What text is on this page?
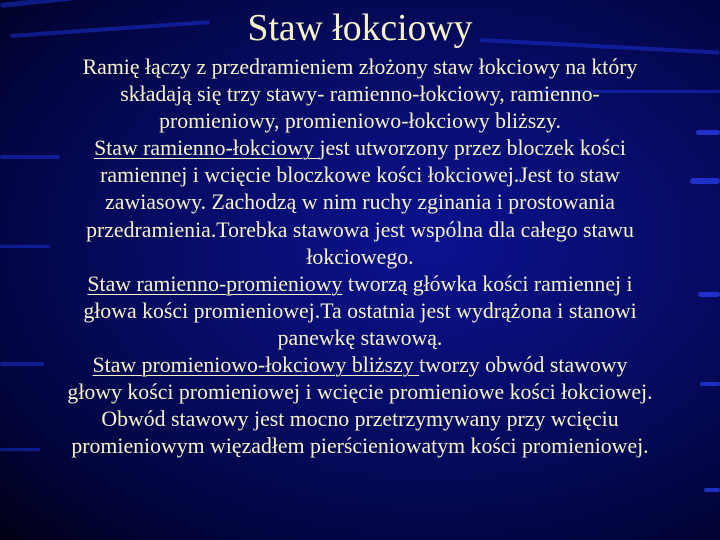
Staw łokciowy
Ramię łączy z przedramieniem złożony staw łokciowy na który
składają się trzy stawy- ramienno-łokciowy, ramienno-
promieniowy, promieniowo-łokciowy bliższy.
Staw ramienno-łokciowy jest utworzony przez bloczek kości
ramiennej i wcięcie bloczkowe kości łokciowej.Jest to staw
zawiasowy. Zachodzą w nim ruchy zginania i prostowania
przedramienia.Torebka stawowa jest wspólna dla całego stawu
łokciowego.
Staw ramienno-promieniowy tworzą główka kości ramiennej i
głowa kości promieniowej.Ta ostatnia jest wydrążona i stanowi
panewkę stawową.
Staw promieniowo-łokciowy bliższy tworzy obwód stawowy
głowy kości promieniowej i wcięcie promieniowe kości łokciowej.
Obwód stawowy jest mocno przetrzymywany przy wcięciu
promieniowym więzadłem pierścieniowatym kości promieniowej.
